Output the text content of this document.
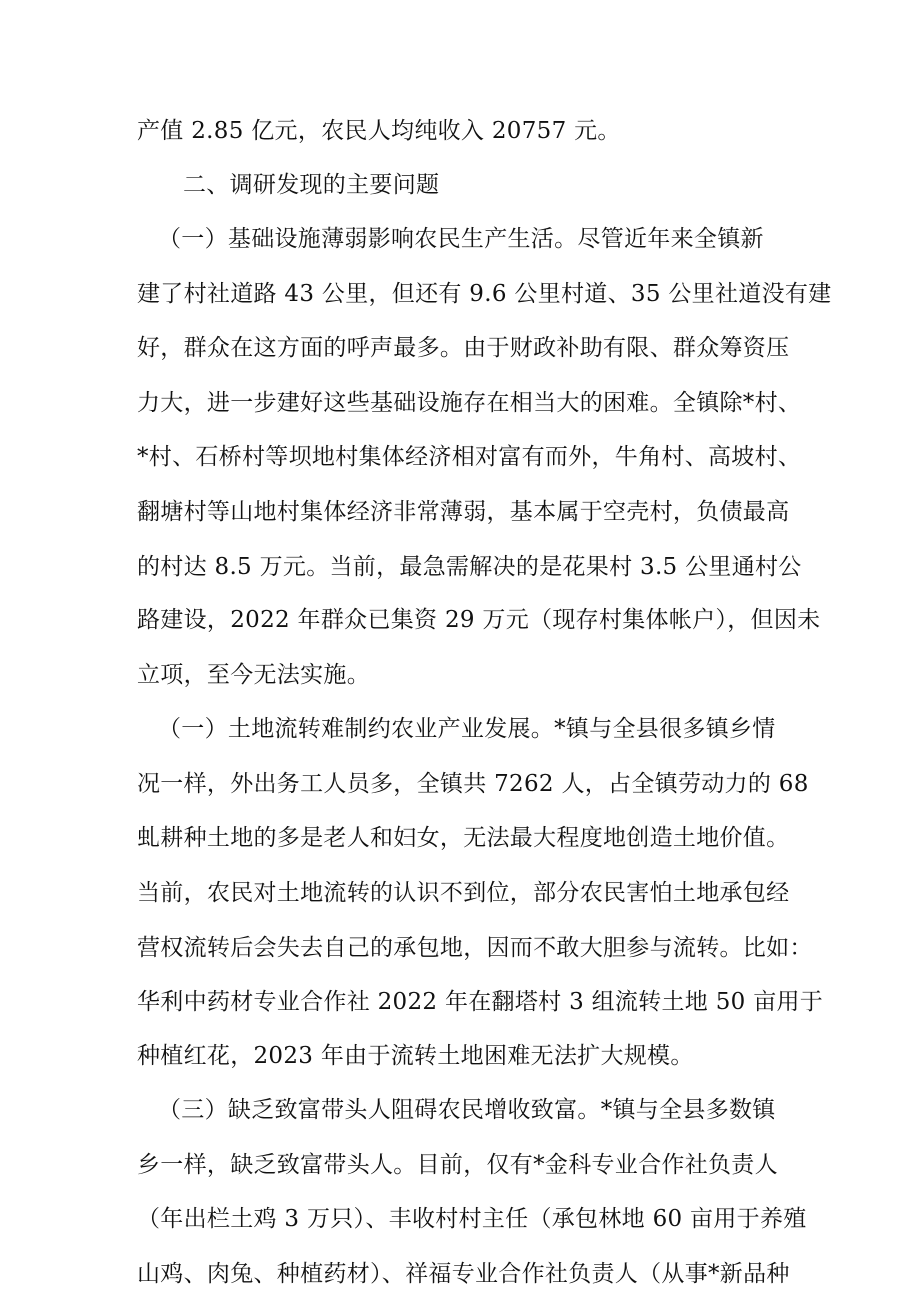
产值 2.85 亿元，农民人均纯收入 20757 元。
二、调研发现的主要问题
（一）基础设施薄弱影响农民生产生活。尽管近年来全镇新
建了村社道路 43 公里，但还有 9.6 公里村道、35 公里社道没有建
好，群众在这方面的呼声最多。由于财政补助有限、群众筹资压
力大，进一步建好这些基础设施存在相当大的困难。全镇除*村、
*村、石桥村等坝地村集体经济相对富有而外，牛角村、高坡村、
翻塘村等山地村集体经济非常薄弱，基本属于空壳村，负债最高
的村达 8.5 万元。当前，最急需解决的是花果村 3.5 公里通村公
路建设，2022 年群众已集资 29 万元（现存村集体帐户），但因未
立项，至今无法实施。
（一）土地流转难制约农业产业发展。*镇与全县很多镇乡情
况一样，外出务工人员多，全镇共 7262 人，占全镇劳动力的 68
虬耕种土地的多是老人和妇女，无法最大程度地创造土地价值。
当前，农民对土地流转的认识不到位，部分农民害怕土地承包经
营权流转后会失去自己的承包地，因而不敢大胆参与流转。比如：
华利中药材专业合作社 2022 年在翻塔村 3 组流转土地 50 亩用于
种植红花，2023 年由于流转土地困难无法扩大规模。
（三）缺乏致富带头人阻碍农民增收致富。*镇与全县多数镇
乡一样，缺乏致富带头人。目前，仅有*金科专业合作社负责人
（年出栏土鸡 3 万只）、丰收村村主任（承包林地 60 亩用于养殖
山鸡、肉兔、种植药材）、祥福专业合作社负责人（从事*新品种
